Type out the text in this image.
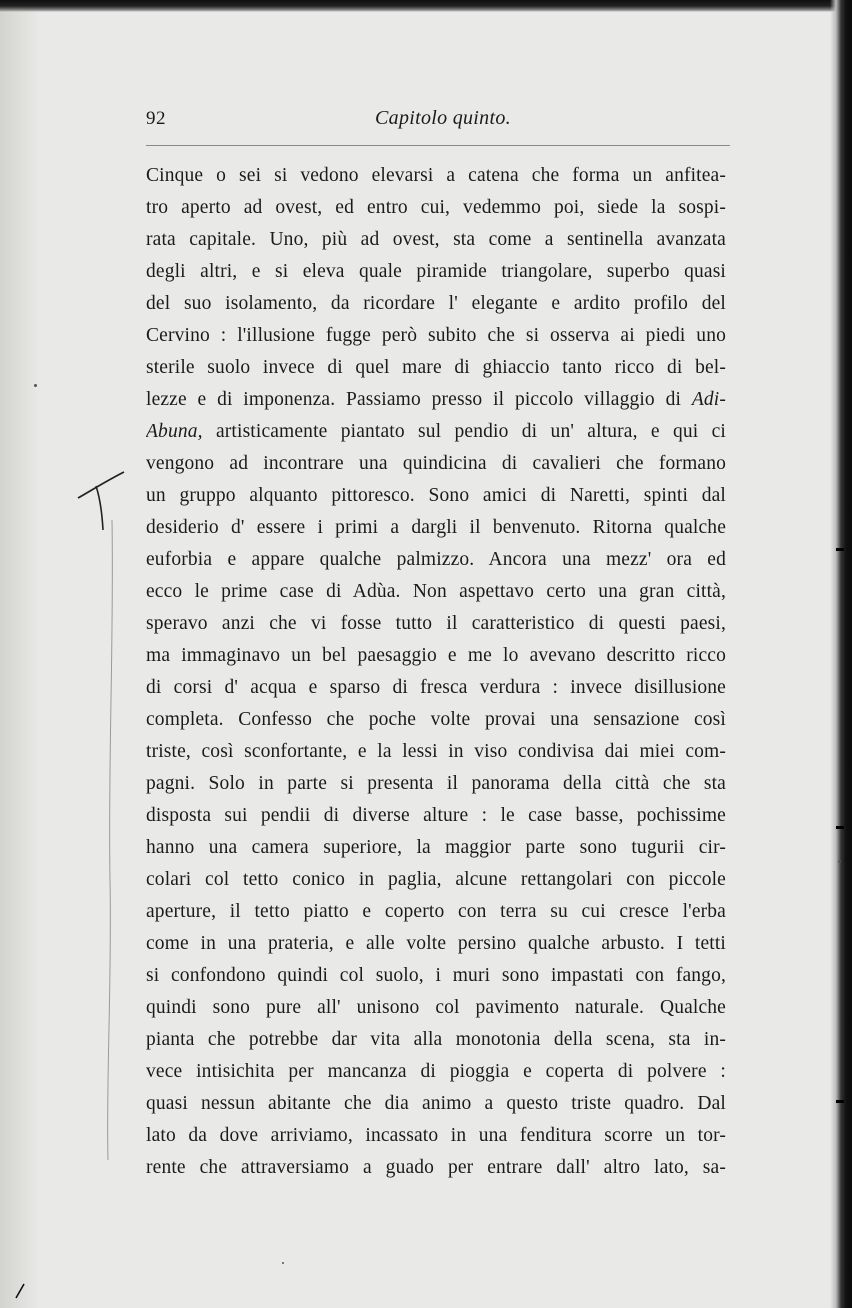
92	Capitolo quinto.
Cinque o sei si vedono elevarsi a catena che forma un anfitea-
tro aperto ad ovest, ed entro cui, vedemmo poi, siede la sospi-
rata capitale. Uno, più ad ovest, sta come a sentinella avanzata
degli altri, e si eleva quale piramide triangolare, superbo quasi
del suo isolamento, da ricordare l' elegante e ardito profilo del
Cervino : l'illusione fugge però subito che si osserva ai piedi uno
sterile suolo invece di quel mare di ghiaccio tanto ricco di bel-
lezze e di imponenza. Passiamo presso il piccolo villaggio di Adi-
Abuna, artisticamente piantato sul pendio di un' altura, e qui ci
vengono ad incontrare una quindicina di cavalieri che formano
un gruppo alquanto pittoresco. Sono amici di Naretti, spinti dal
desiderio d' essere i primi a dargli il benvenuto. Ritorna qualche
euforbia e appare qualche palmizzo. Ancora una mezz' ora ed
ecco le prime case di Adùa. Non aspettavo certo una gran città,
speravo anzi che vi fosse tutto il caratteristico di questi paesi,
ma immaginavo un bel paesaggio e me lo avevano descritto ricco
di corsi d' acqua e sparso di fresca verdura : invece disillusione
completa. Confesso che poche volte provai una sensazione così
triste, così sconfortante, e la lessi in viso condivisa dai miei com-
pagni. Solo in parte si presenta il panorama della città che sta
disposta sui pendii di diverse alture : le case basse, pochissime
hanno una camera superiore, la maggior parte sono tugurii cir-
colari col tetto conico in paglia, alcune rettangolari con piccole
aperture, il tetto piatto e coperto con terra su cui cresce l'erba
come in una prateria, e alle volte persino qualche arbusto. I tetti
si confondono quindi col suolo, i muri sono impastati con fango,
quindi sono pure all' unisono col pavimento naturale. Qualche
pianta che potrebbe dar vita alla monotonia della scena, sta in-
vece intisichita per mancanza di pioggia e coperta di polvere :
quasi nessun abitante che dia animo a questo triste quadro. Dal
lato da dove arriviamo, incassato in una fenditura scorre un tor-
rente che attraversiamo a guado per entrare dall' altro lato, sa-
